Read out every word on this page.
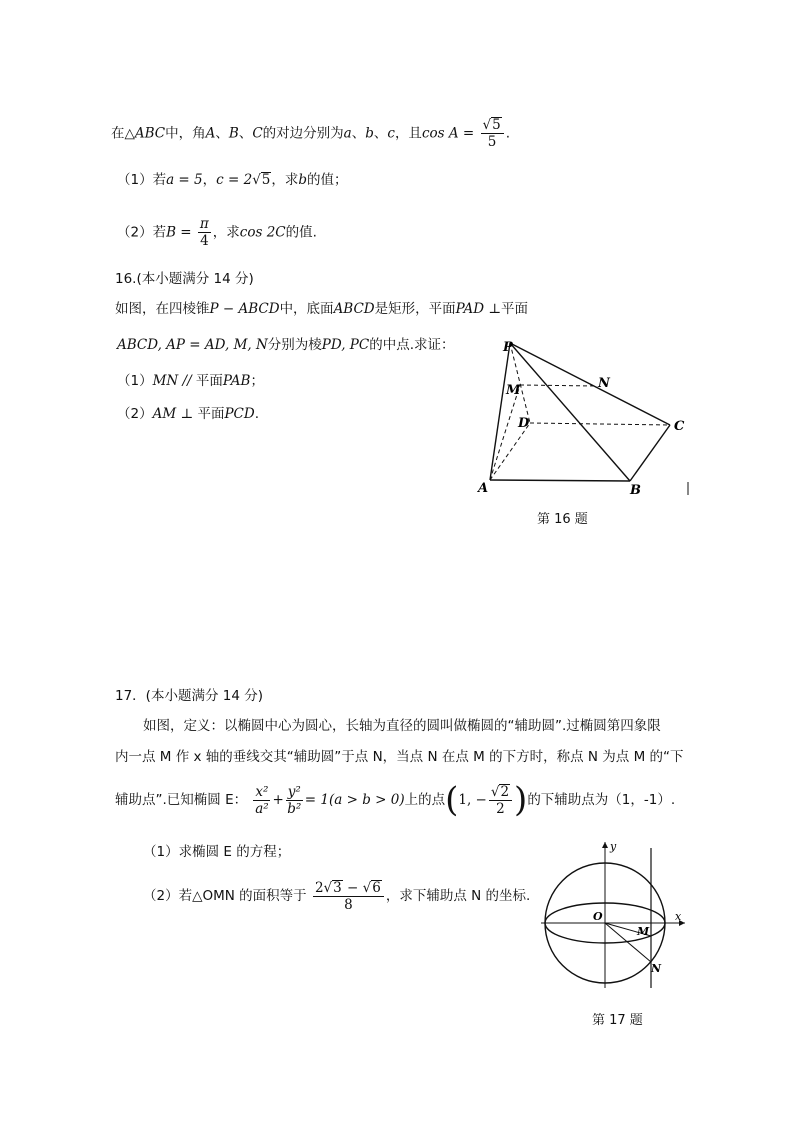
在△ABC中，角A、B、C的对边分别为a、b、c，且$\cos A = \frac{√5}{5}$ .
（1）若a = 5，c = 2√5，求b的值；
（2）若$B = \frac{\pi}{4}$ ，求cos 2C的值.
16.(本小题满分 14 分)
如图，在四棱锥P − ABCD中，底面ABCD是矩形，平面PAD ⊥平面
ABCD, AP = AD, M, N分别为棱PD, PC的中点.求证：
（1）MN // 平面PAB；
（2）AM ⊥ 平面PCD.
P
M	N
D	C
A	B
第 16 题
17．(本小题满分 14 分)
如图，定义：以椭圆中心为圆心，长轴为直径的圆叫做椭圆的“辅助圆”.过椭圆第四象限
内一点 M 作 x 轴的垂线交其“辅助圆”于点 N，当点 N 在点 M 的下方时，称点 N 为点 M 的“下
辅助点”.已知椭圆 E： $\frac{\text{x²}}{\text{a²}} + \frac{\text{y²}}{\text{b²}} = 1(a > b > 0)$上的点(1, − $\frac{√2}{2}$ )的下辅助点为（1，-1）.
（1）求椭圆 E 的方程；
（2）若△OMN 的面积等于 $\frac{2√3 - √6}{8}$ ，求下辅助点 N 的坐标.
y
O	x
M
N
第 17 题
